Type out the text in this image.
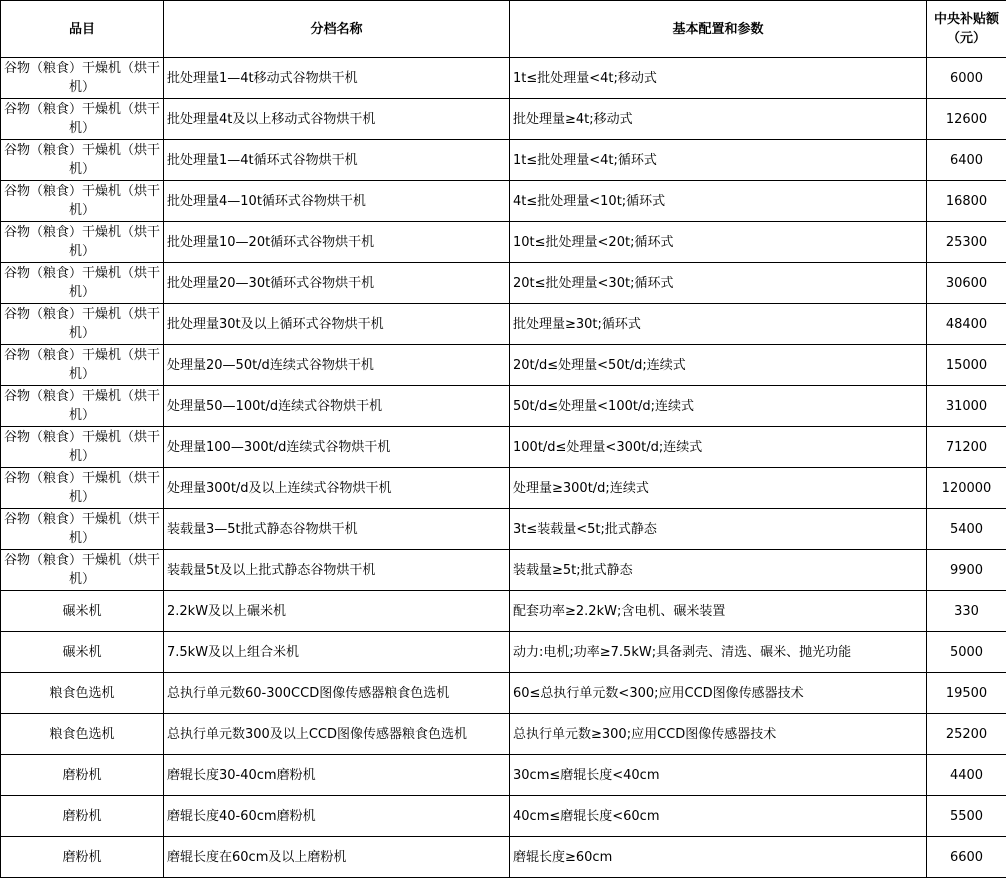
品目	分档名称	基本配置和参数	中央补贴额（元）
谷物（粮食）干燥机（烘干机）	批处理量1—4t移动式谷物烘干机	1t≤批处理量<4t;移动式	6000
谷物（粮食）干燥机（烘干机）	批处理量4t及以上移动式谷物烘干机	批处理量≥4t;移动式	12600
谷物（粮食）干燥机（烘干机）	批处理量1—4t循环式谷物烘干机	1t≤批处理量<4t;循环式	6400
谷物（粮食）干燥机（烘干机）	批处理量4—10t循环式谷物烘干机	4t≤批处理量<10t;循环式	16800
谷物（粮食）干燥机（烘干机）	批处理量10—20t循环式谷物烘干机	10t≤批处理量<20t;循环式	25300
谷物（粮食）干燥机（烘干机）	批处理量20—30t循环式谷物烘干机	20t≤批处理量<30t;循环式	30600
谷物（粮食）干燥机（烘干机）	批处理量30t及以上循环式谷物烘干机	批处理量≥30t;循环式	48400
谷物（粮食）干燥机（烘干机）	处理量20—50t/d连续式谷物烘干机	20t/d≤处理量<50t/d;连续式	15000
谷物（粮食）干燥机（烘干机）	处理量50—100t/d连续式谷物烘干机	50t/d≤处理量<100t/d;连续式	31000
谷物（粮食）干燥机（烘干机）	处理量100—300t/d连续式谷物烘干机	100t/d≤处理量<300t/d;连续式	71200
谷物（粮食）干燥机（烘干机）	处理量300t/d及以上连续式谷物烘干机	处理量≥300t/d;连续式	120000
谷物（粮食）干燥机（烘干机）	装载量3—5t批式静态谷物烘干机	3t≤装载量<5t;批式静态	5400
谷物（粮食）干燥机（烘干机）	装载量5t及以上批式静态谷物烘干机	装载量≥5t;批式静态	9900
碾米机	2.2kW及以上碾米机	配套功率≥2.2kW;含电机、碾米装置	330
碾米机	7.5kW及以上组合米机	动力:电机;功率≥7.5kW;具备剥壳、清选、碾米、抛光功能	5000
粮食色选机	总执行单元数60-300CCD图像传感器粮食色选机	60≤总执行单元数<300;应用CCD图像传感器技术	19500
粮食色选机	总执行单元数300及以上CCD图像传感器粮食色选机	总执行单元数≥300;应用CCD图像传感器技术	25200
磨粉机	磨辊长度30-40cm磨粉机	30cm≤磨辊长度<40cm	4400
磨粉机	磨辊长度40-60cm磨粉机	40cm≤磨辊长度<60cm	5500
磨粉机	磨辊长度在60cm及以上磨粉机	磨辊长度≥60cm	6600
